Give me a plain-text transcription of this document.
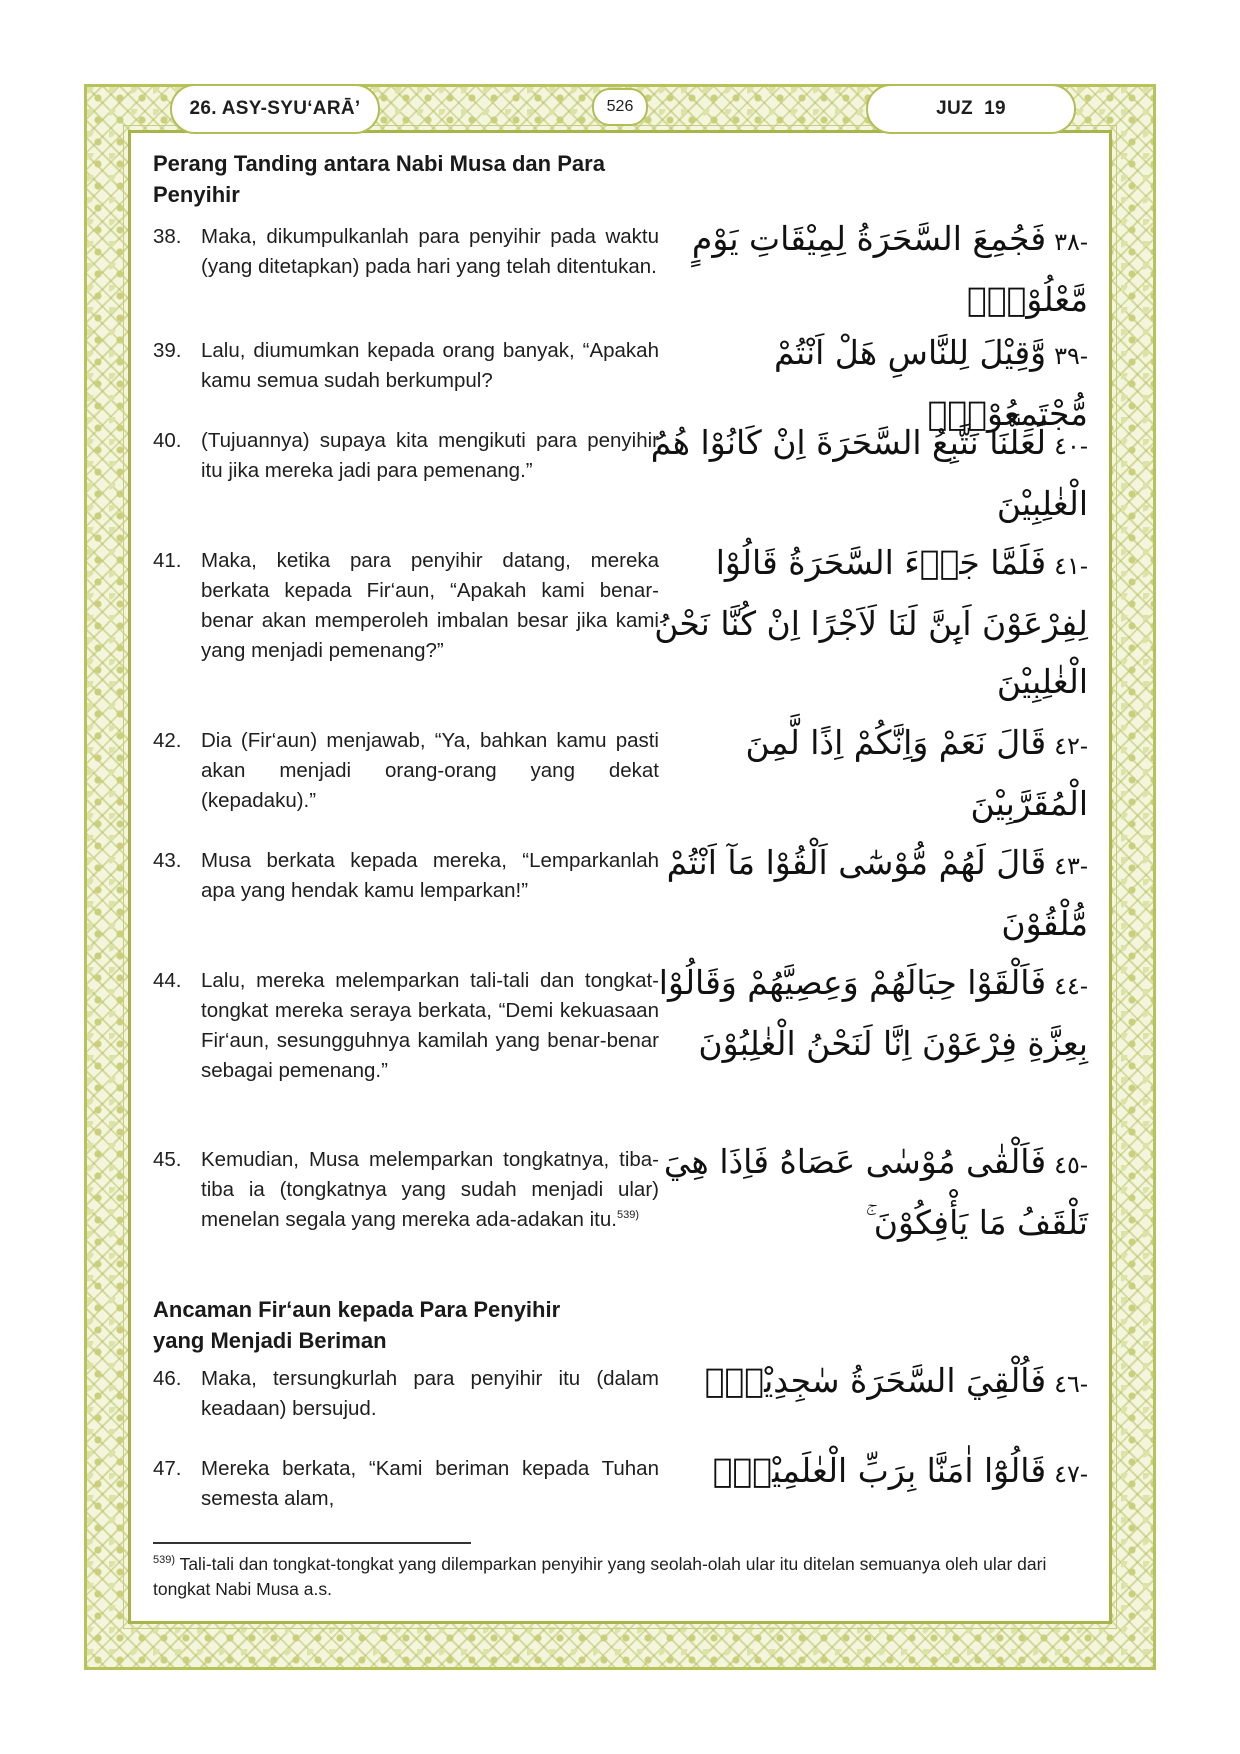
26. ASY-SYU‘ARĀ’	526	JUZ  19
Perang Tanding antara Nabi Musa dan Para Penyihir
38. Maka, dikumpulkanlah para penyihir pada waktu (yang ditetapkan) pada hari yang telah ditentukan.
-٣٨فَجُمِعَ السَّحَرَةُ لِمِيْقَاتِ يَوْمٍ مَّعْلُوْمٍۙ
39. Lalu, diumumkan kepada orang banyak, “Apakah kamu semua sudah berkumpul?
-٣٩وَّقِيْلَ لِلنَّاسِ هَلْ اَنْتُمْ مُّجْتَمِعُوْنَۙ
40. (Tujuannya) supaya kita mengikuti para penyihir itu jika mereka jadi para pemenang.”
-٤٠لَعَلَّنَا نَتَّبِعُ السَّحَرَةَ اِنْ كَانُوْا هُمُ الْغٰلِبِيْنَ
41. Maka, ketika para penyihir datang, mereka berkata kepada Fir‘aun, “Apakah kami benar-benar akan memperoleh imbalan besar jika kami yang menjadi pemenang?”
-٤١فَلَمَّا جَاۤءَ السَّحَرَةُ قَالُوْا لِفِرْعَوْنَ اَىِٕنَّ لَنَا لَاَجْرًا اِنْ كُنَّا نَحْنُ الْغٰلِبِيْنَ
42. Dia (Fir‘aun) menjawab, “Ya, bahkan kamu pasti akan menjadi orang-orang yang dekat (kepadaku).”
-٤٢قَالَ نَعَمْ وَاِنَّكُمْ اِذًا لَّمِنَ الْمُقَرَّبِيْنَ
43. Musa berkata kepada mereka, “Lemparkanlah apa yang hendak kamu lemparkan!”
-٤٣قَالَ لَهُمْ مُّوْسٰٓى اَلْقُوْا مَآ اَنْتُمْ مُّلْقُوْنَ
44. Lalu, mereka melemparkan tali-tali dan tongkat-tongkat mereka seraya berkata, “Demi kekuasaan Fir‘aun, sesungguhnya kamilah yang benar-benar sebagai pemenang.”
-٤٤فَاَلْقَوْا حِبَالَهُمْ وَعِصِيَّهُمْ وَقَالُوْا بِعِزَّةِ فِرْعَوْنَ اِنَّا لَنَحْنُ الْغٰلِبُوْنَ
45. Kemudian, Musa melemparkan tongkatnya, tiba-tiba ia (tongkatnya yang sudah menjadi ular) menelan segala yang mereka ada-adakan itu.$^{539)}$
-٤٥فَاَلْقٰى مُوْسٰى عَصَاهُ فَاِذَا هِيَ تَلْقَفُ مَا يَأْفِكُوْنَ ۚ
Ancaman Fir‘aun kepada Para Penyihir yang Menjadi Beriman
46. Maka, tersungkurlah para penyihir itu (dalam keadaan) bersujud.
-٤٦فَاُلْقِيَ السَّحَرَةُ سٰجِدِيْنَۙ
47. Mereka berkata, “Kami beriman kepada Tuhan semesta alam,
-٤٧قَالُوْٓا اٰمَنَّا بِرَبِّ الْعٰلَمِيْنَۙ
$^{539)}$ Tali-tali dan tongkat-tongkat yang dilemparkan penyihir yang seolah-olah ular itu ditelan semuanya oleh ular dari tongkat Nabi Musa a.s.
